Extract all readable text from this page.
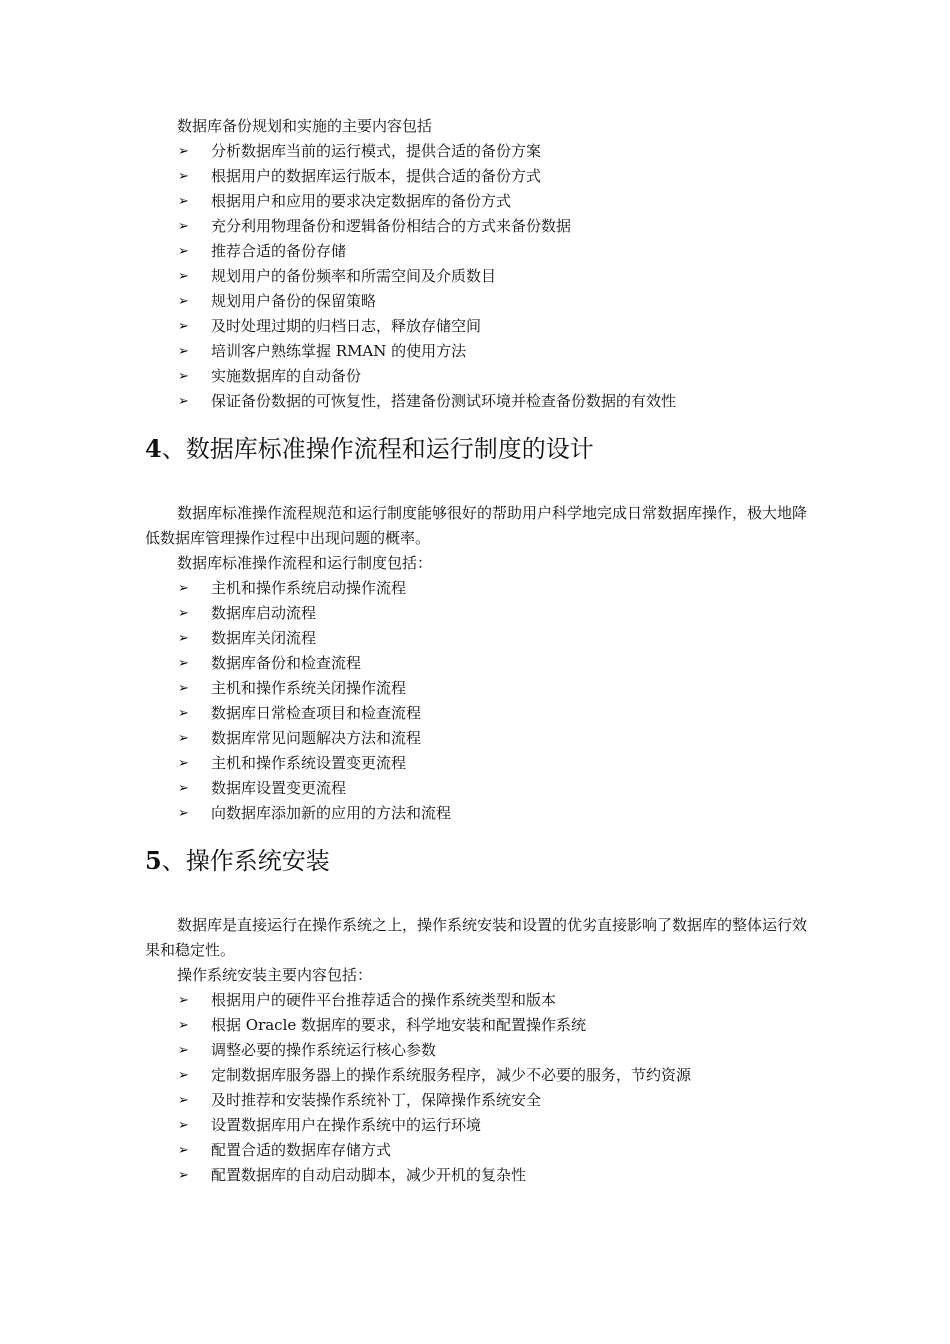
数据库备份规划和实施的主要内容包括

➢ 分析数据库当前的运行模式，提供合适的备份方案
➢ 根据用户的数据库运行版本，提供合适的备份方式
➢ 根据用户和应用的要求决定数据库的备份方式
➢ 充分利用物理备份和逻辑备份相结合的方式来备份数据
➢ 推荐合适的备份存储
➢ 规划用户的备份频率和所需空间及介质数目
➢ 规划用户备份的保留策略
➢ 及时处理过期的归档日志，释放存储空间
➢ 培训客户熟练掌握 RMAN 的使用方法
➢ 实施数据库的自动备份
➢ 保证备份数据的可恢复性，搭建备份测试环境并检查备份数据的有效性
4、数据库标准操作流程和运行制度的设计

数据库标准操作流程规范和运行制度能够很好的帮助用户科学地完成日常数据库操作，极大地降低数据库管理操作过程中出现问题的概率。

数据库标准操作流程和运行制度包括：

➢ 主机和操作系统启动操作流程
➢ 数据库启动流程
➢ 数据库关闭流程
➢ 数据库备份和检查流程
➢ 主机和操作系统关闭操作流程
➢ 数据库日常检查项目和检查流程
➢ 数据库常见问题解决方法和流程
➢ 主机和操作系统设置变更流程
➢ 数据库设置变更流程
➢ 向数据库添加新的应用的方法和流程
5、操作系统安装

数据库是直接运行在操作系统之上，操作系统安装和设置的优劣直接影响了数据库的整体运行效果和稳定性。

操作系统安装主要内容包括：

➢ 根据用户的硬件平台推荐适合的操作系统类型和版本
➢ 根据 Oracle 数据库的要求，科学地安装和配置操作系统
➢ 调整必要的操作系统运行核心参数
➢ 定制数据库服务器上的操作系统服务程序，减少不必要的服务，节约资源
➢ 及时推荐和安装操作系统补丁，保障操作系统安全
➢ 设置数据库用户在操作系统中的运行环境
➢ 配置合适的数据库存储方式
➢ 配置数据库的自动启动脚本，减少开机的复杂性
